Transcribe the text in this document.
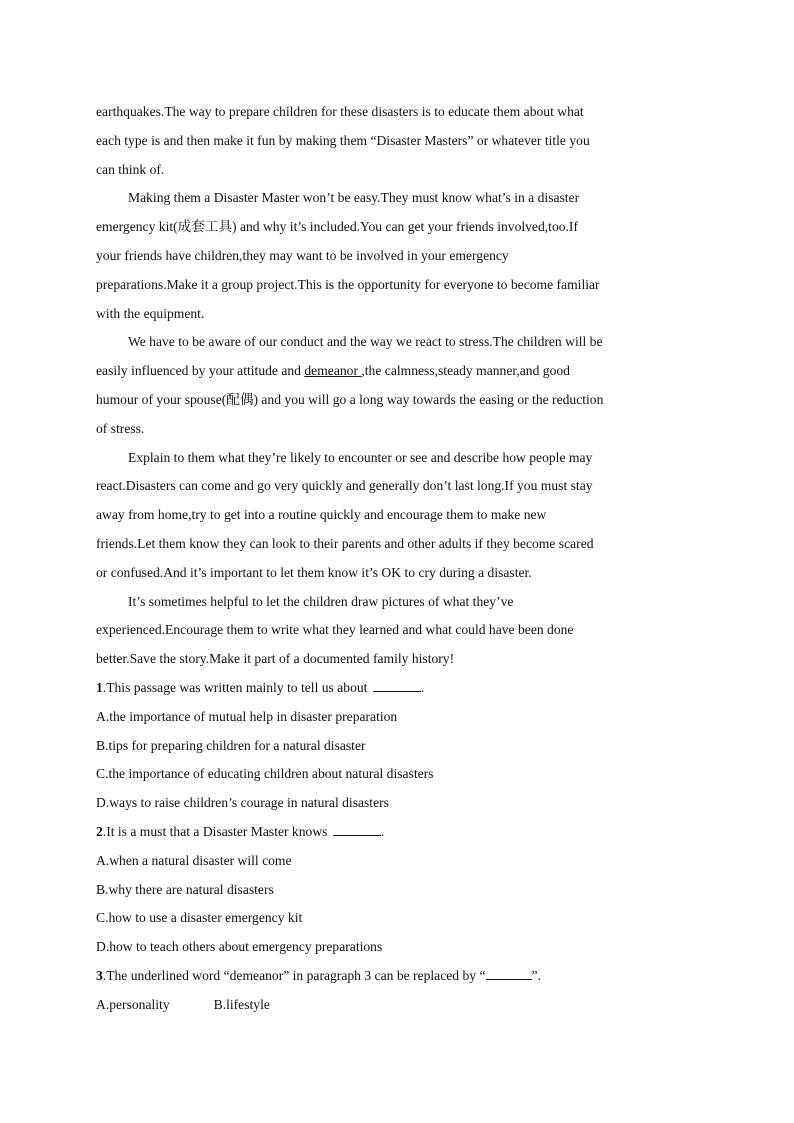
earthquakes.The way to prepare children for these disasters is to educate them about what
each type is and then make it fun by making them “Disaster Masters” or whatever title you
can think of.
Making them a Disaster Master won’t be easy.They must know what’s in a disaster
emergency kit(成套工具) and why it’s included.You can get your friends involved,too.If
your friends have children,they may want to be involved in your emergency
preparations.Make it a group project.This is the opportunity for everyone to become familiar
with the equipment.
We have to be aware of our conduct and the way we react to stress.The children will be
easily influenced by your attitude and demeanor ,the calmness,steady manner,and good
humour of your spouse(配偶) and you will go a long way towards the easing or the reduction
of stress.
Explain to them what they’re likely to encounter or see and describe how people may
react.Disasters can come and go very quickly and generally don’t last long.If you must stay
away from home,try to get into a routine quickly and encourage them to make new
friends.Let them know they can look to their parents and other adults if they become scared
or confused.And it’s important to let them know it’s OK to cry during a disaster.
It’s sometimes helpful to let the children draw pictures of what they’ve
experienced.Encourage them to write what they learned and what could have been done
better.Save the story.Make it part of a documented family history!
1.This passage was written mainly to tell us about	.
A.the importance of mutual help in disaster preparation
B.tips for preparing children for a natural disaster
C.the importance of educating children about natural disasters
D.ways to raise children’s courage in natural disasters
2.It is a must that a Disaster Master knows	.
A.when a natural disaster will come
B.why there are natural disasters
C.how to use a disaster emergency kit
D.how to teach others about emergency preparations
3.The underlined word “demeanor” in paragraph 3 can be replaced by “	”.
A.personality	B.lifestyle
